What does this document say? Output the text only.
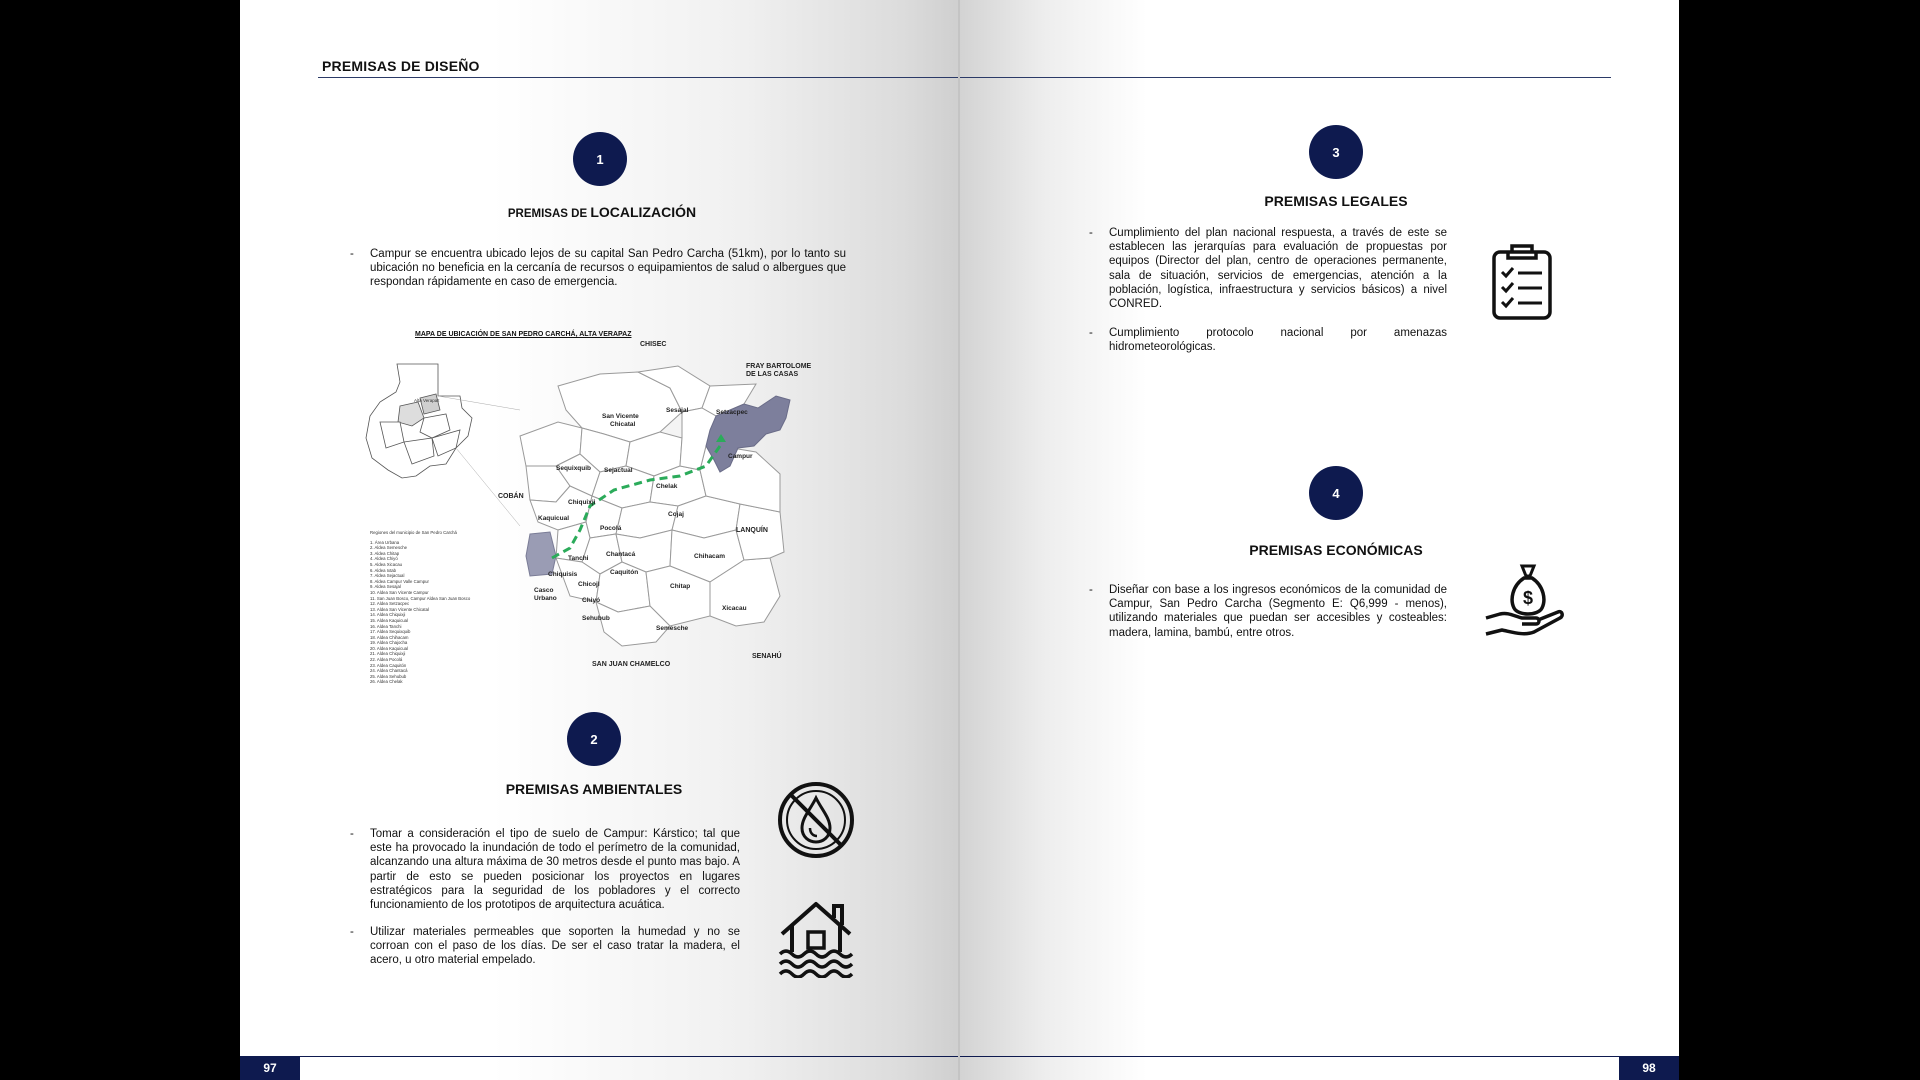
PREMISAS DE DISEÑO
1
PREMISAS DE LOCALIZACIÓN
- Campur se encuentra ubicado lejos de su capital San Pedro Carcha (51km), por lo tanto su ubicación no beneficia en la cercanía de recursos o equipamientos de salud o albergues que respondan rápidamente en caso de emergencia.
MAPA DE UBICACIÓN DE SAN PEDRO CARCHÁ, ALTA VERAPAZ
Alta Verapaz
CHISEC
FRAY BARTOLOME
DE LAS CASAS
COBÁN
LANQUÍN
SENAHÚ
SAN JUAN CHAMELCO
San Vicente
Chicatal
Sesajal	Setzacpec
Campur
Sequixquib Sejactual
Chelak
Chiquixji
Cojaj
Kaquicual
Pocolá
Chantacá
Tanchi	Chihacam
Chiquisis
Chicojl
Caquitón
Casco
Urbano
Chitap
Chiyó
Xicacau
Sehubub
Semesche
Regiones del municipio de San Pedro Carchá
1. Área Urbana
2. Aldea Semesche
3. Aldea Chitap
4. Aldea Chiyó
5. Aldea Xicacau
6. Aldea Ixtab
7. Aldea Sejactual
8. Aldea Campur Valle Campur
9. Aldea Sesajal
10. Aldea San Vicente Campur
11. San Juan Bosco, Campur Aldea San Juan Bosco
12. Aldea Setzacpec
13. Aldea San Vicente Chicatal
14. Aldea Chiquixji
15. Aldea Kaquicual
16. Aldea Tanchi
17. Aldea Sequixquib
18. Aldea Chihacam
19. Aldea Chajocha
20. Aldea Kaquicual
21. Aldea Chiquixji
22. Aldea Pocolá
23. Aldea Caquitón
24. Aldea Chantacá
25. Aldea Sehubub
26. Aldea Chelak
2
PREMISAS AMBIENTALES
- Tomar a consideración el tipo de suelo de Campur: Kárstico; tal que este ha provocado la inundación de todo el perímetro de la comunidad, alcanzando una altura máxima de 30 metros desde el punto mas bajo. A partir de esto se pueden posicionar los proyectos en lugares estratégicos para la seguridad de los pobladores y el correcto funcionamiento de los prototipos de arquitectura acuática.
- Utilizar materiales permeables que soporten la humedad y no se corroan con el paso de los días. De ser el caso tratar la madera, el acero, u otro material empelado.
97
3
PREMISAS LEGALES
- Cumplimiento del plan nacional respuesta, a través de este se establecen las jerarquías para evaluación de propuestas por equipos (Director del plan, centro de operaciones permanente, sala de situación, servicios de emergencias, atención a la población, logística, infraestructura y servicios básicos) a nivel CONRED.
- Cumplimiento protocolo nacional por amenazas hidrometeorológicas.
4
PREMISAS ECONÓMICAS
- Diseñar con base a los ingresos económicos de la comunidad de Campur, San Pedro Carcha (Segmento E: Q6,999 - menos), utilizando materiales que puedan ser accesibles y costeables: madera, lamina, bambú, entre otros.
$
98
